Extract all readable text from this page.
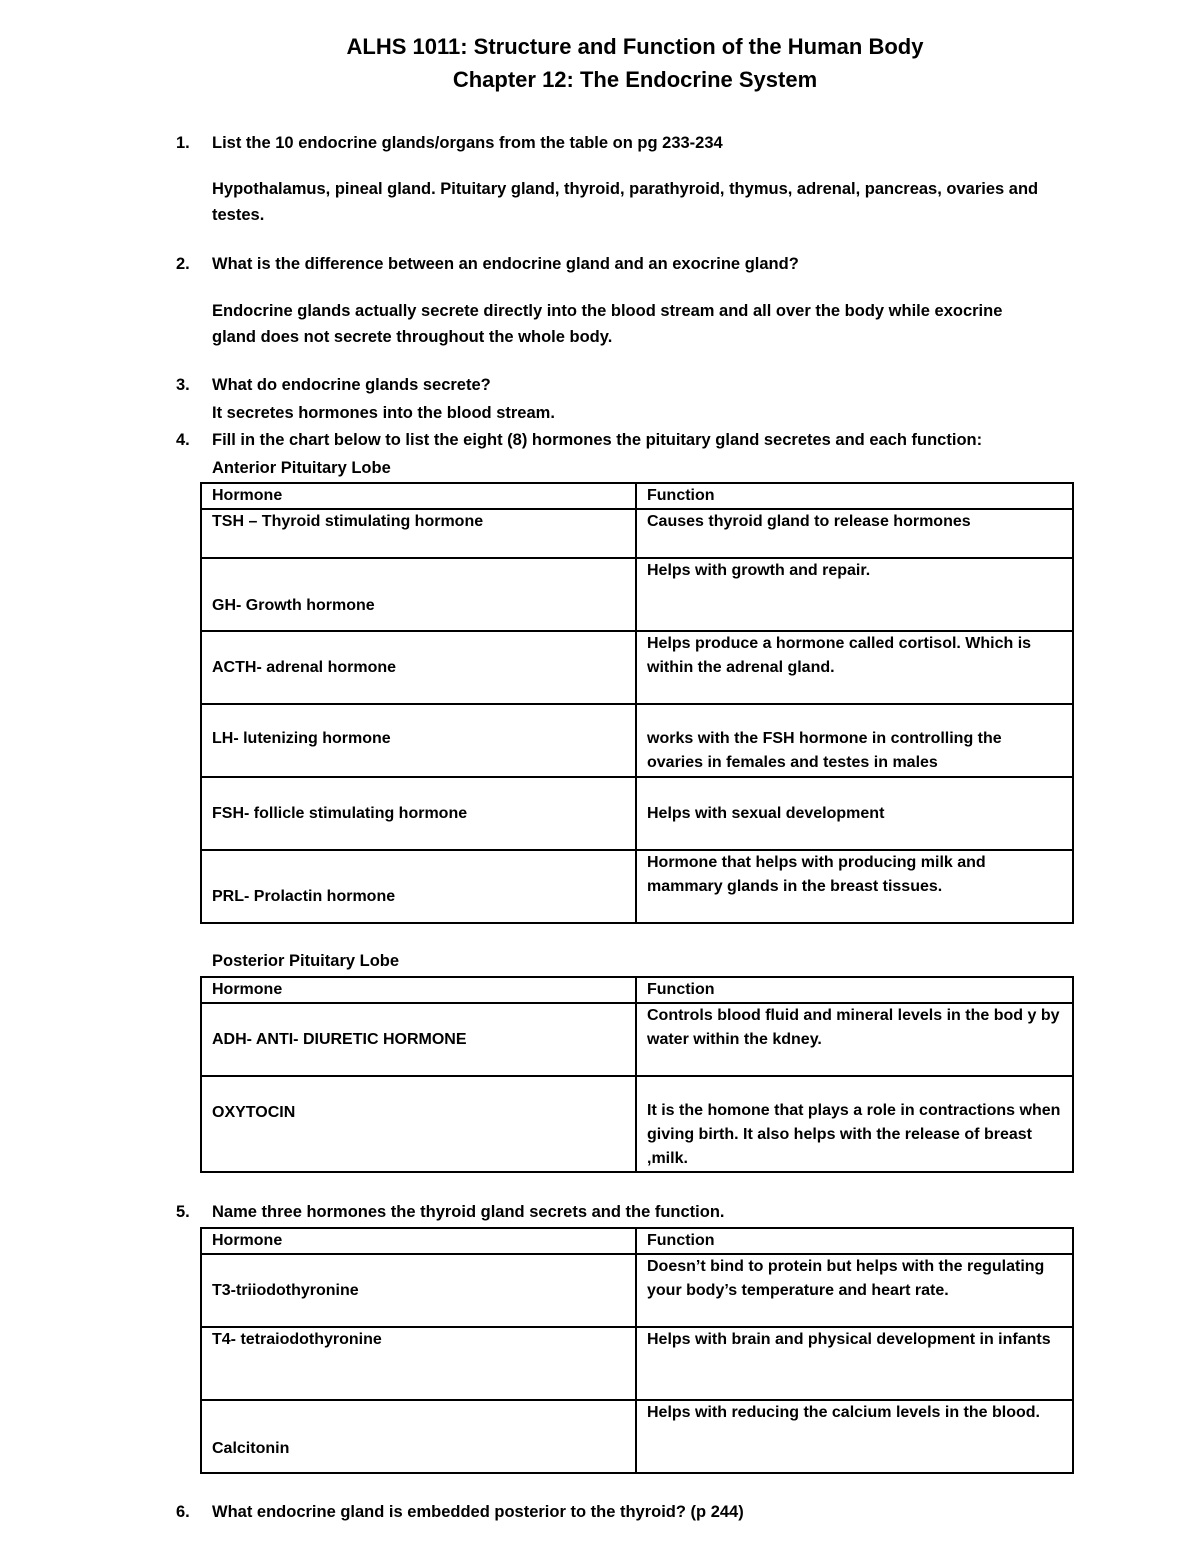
ALHS 1011: Structure and Function of the Human Body
Chapter 12: The Endocrine System
1. List the 10 endocrine glands/organs from the table on pg 233-234
Hypothalamus, pineal gland. Pituitary gland, thyroid, parathyroid, thymus, adrenal, pancreas, ovaries and testes.
2. What is the difference between an endocrine gland and an exocrine gland?
Endocrine glands actually secrete directly into the blood stream and all over the body while exocrine gland does not secrete throughout the whole body.
3. What do endocrine glands secrete?
It secretes hormones into the blood stream.
4. Fill in the chart below to list the eight (8) hormones the pituitary gland secretes and each function:
Anterior Pituitary Lobe
Hormone	Function
TSH – Thyroid stimulating hormone	Causes thyroid gland to release hormones
GH- Growth hormone	Helps with growth and repair.
ACTH- adrenal hormone	Helps produce a hormone called cortisol. Which is within the adrenal gland.
LH- lutenizing hormone	works with the FSH hormone in controlling the ovaries in females and testes in males
FSH- follicle stimulating hormone	Helps with sexual development
PRL- Prolactin hormone	Hormone that helps with producing milk and mammary glands in the breast tissues.
Posterior Pituitary Lobe
Hormone	Function
ADH- ANTI- DIURETIC HORMONE	Controls blood fluid and mineral levels in the bod y by water within the kdney.
OXYTOCIN	It is the homone that plays a role in contractions when giving birth. It also helps with the release of breast ,milk.
5. Name three hormones the thyroid gland secrets and the function.
Hormone	Function
T3-triiodothyronine	Doesn’t bind to protein but helps with the regulating your body’s temperature and heart rate.
T4- tetraiodothyronine	Helps with brain and physical development in infants
Calcitonin	Helps with reducing the calcium levels in the blood.
6. What endocrine gland is embedded posterior to the thyroid? (p 244)
